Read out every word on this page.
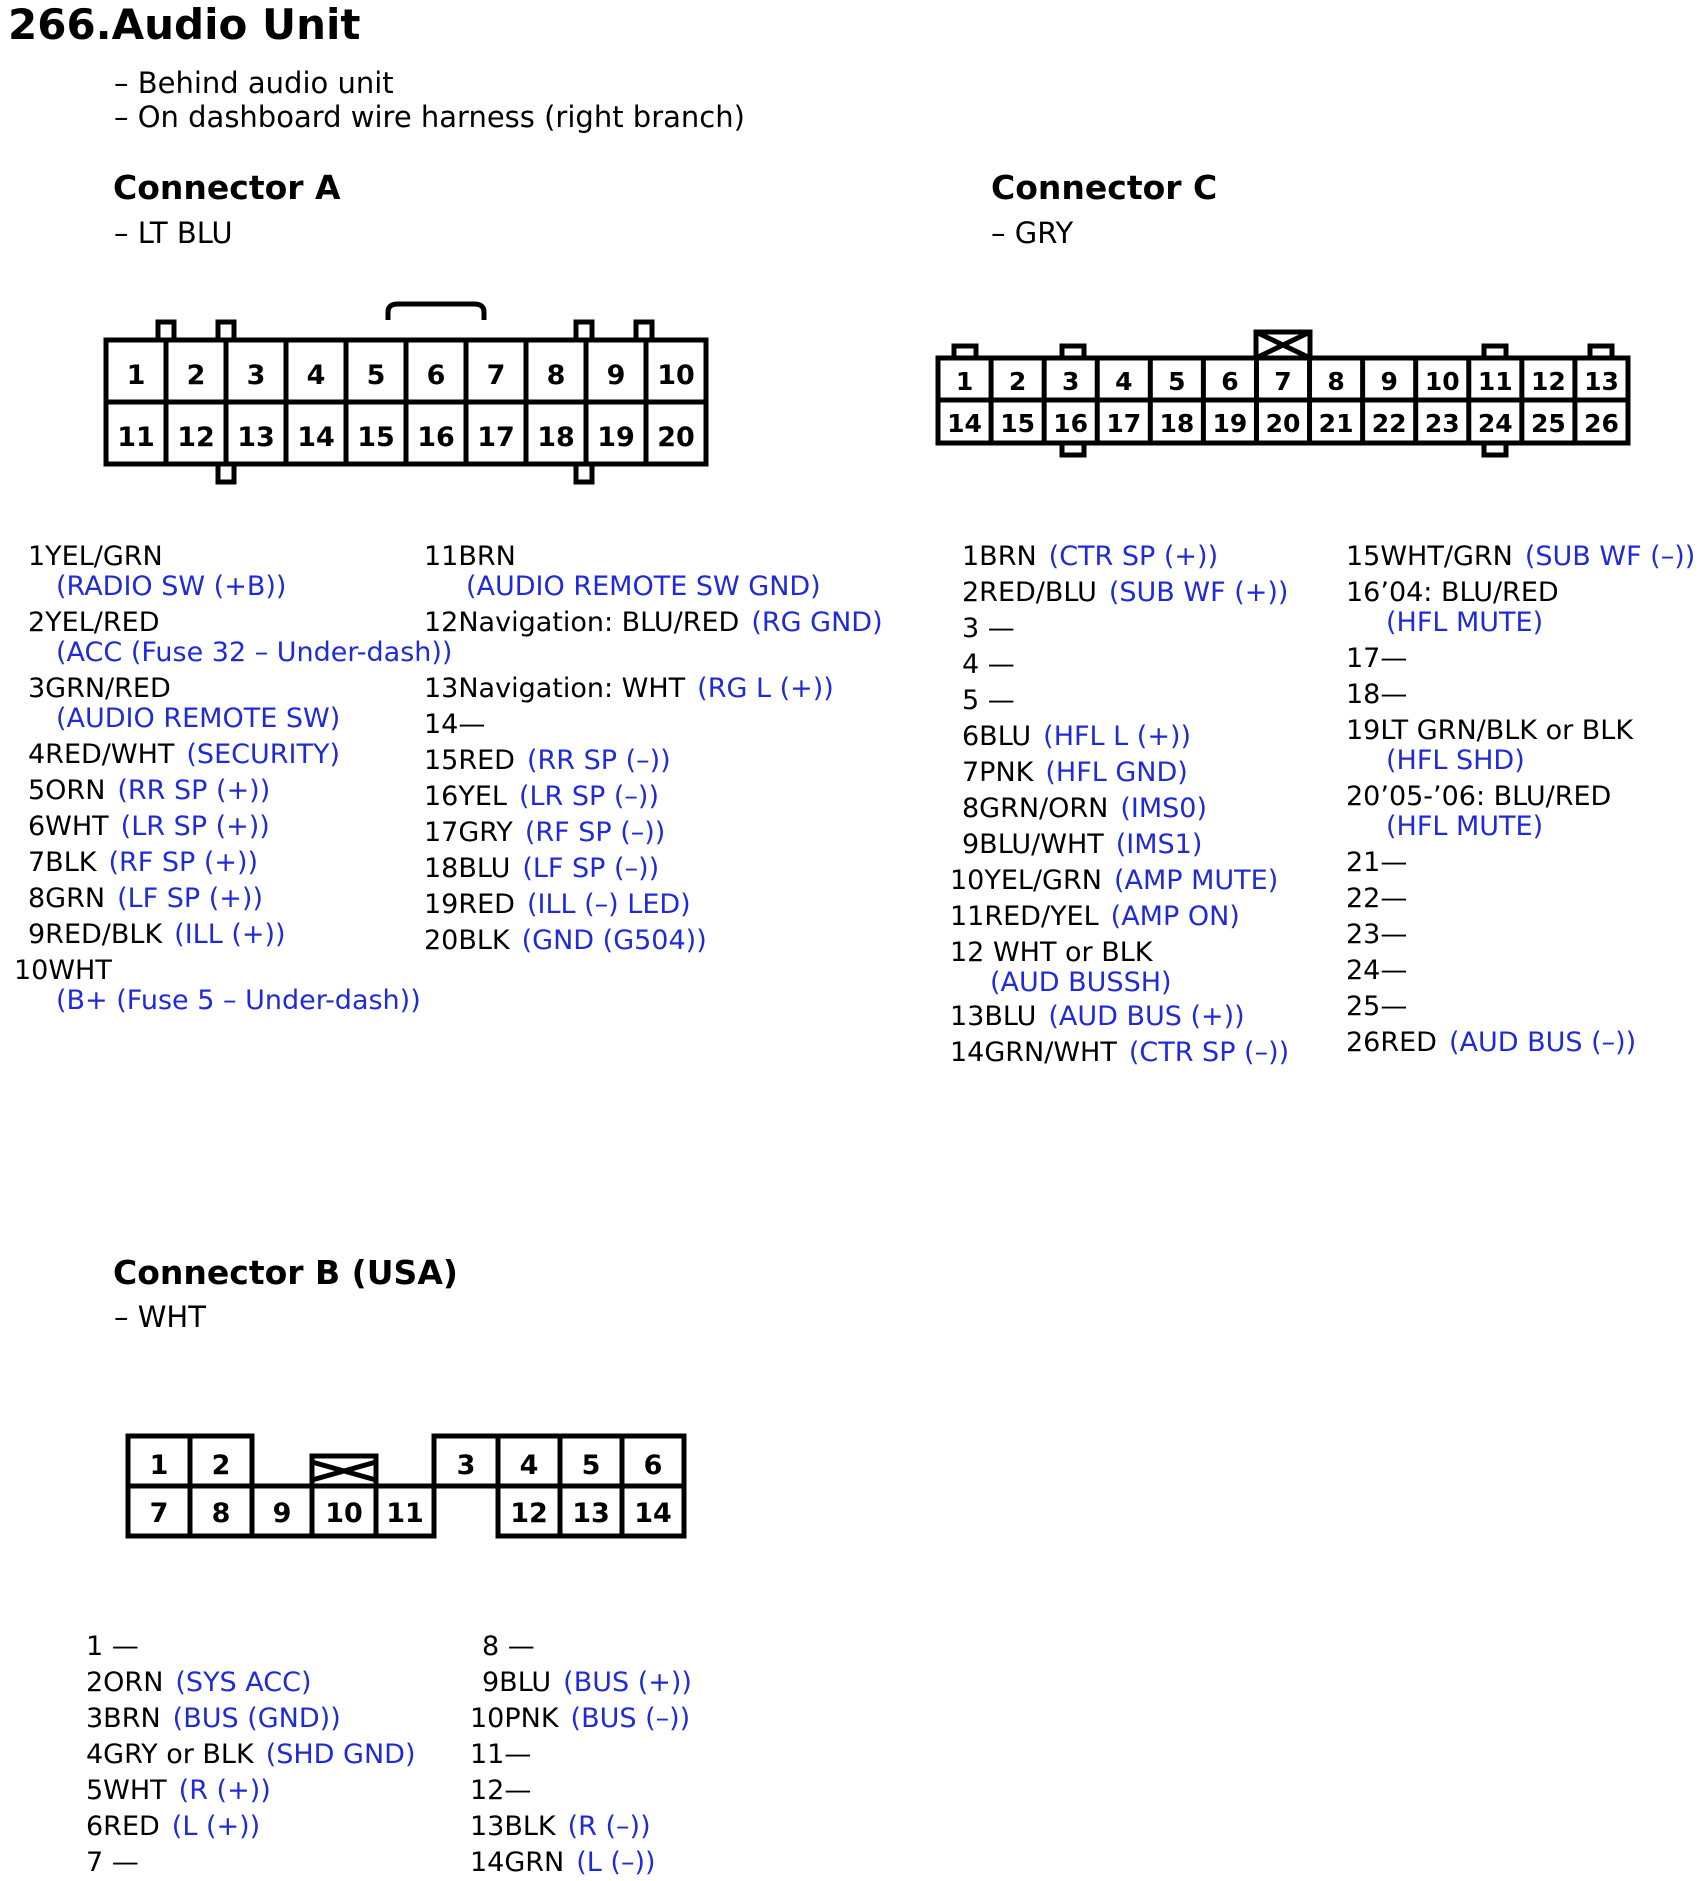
266.Audio Unit
– Behind audio unit
– On dashboard wire harness (right branch)
Connector A
– LT BLU
Connector C
– GRY
Connector B (USA)
– WHT
1 2 3 4 5 6 7 8 9 10
11 12 13 14 15 16 17 18 19 20
1 2 3 4 5 6 7 8 9 10 11 12 13
14 15 16 17 18 19 20 21 22 23 24 25 26
1 2	3 4 5 6
7 8 9 10 11	12 13 14
1YEL/GRN
(RADIO SW (+B))
2YEL/RED
(ACC (Fuse 32 – Under-dash))
3GRN/RED
(AUDIO REMOTE SW)
4RED/WHT (SECURITY)
5ORN (RR SP (+))
6WHT (LR SP (+))
7BLK (RF SP (+))
8GRN (LF SP (+))
9RED/BLK (ILL (+))
10WHT
(B+ (Fuse 5 – Under-dash))
11BRN
(AUDIO REMOTE SW GND)
12Navigation: BLU/RED (RG GND)
13Navigation: WHT (RG L (+))
14—
15RED (RR SP (–))
16YEL (LR SP (–))
17GRY (RF SP (–))
18BLU (LF SP (–))
19RED (ILL (–) LED)
20BLK (GND (G504))
1BRN (CTR SP (+))
2RED/BLU (SUB WF (+))
3 —
4 —
5 —
6BLU (HFL L (+))
7PNK (HFL GND)
8GRN/ORN (IMS0)
9BLU/WHT (IMS1)
10YEL/GRN (AMP MUTE)
11RED/YEL (AMP ON)
12 WHT or BLK
(AUD BUSSH)
13BLU (AUD BUS (+))
14GRN/WHT (CTR SP (–))
15WHT/GRN (SUB WF (–))
16’04: BLU/RED
(HFL MUTE)
17—
18—
19LT GRN/BLK or BLK
(HFL SHD)
20’05-’06: BLU/RED
(HFL MUTE)
21—
22—
23—
24—
25—
26RED (AUD BUS (–))
1 —
2ORN (SYS ACC)
3BRN (BUS (GND))
4GRY or BLK (SHD GND)
5WHT (R (+))
6RED (L (+))
7 —
8 —
9BLU (BUS (+))
10PNK (BUS (–))
11—
12—
13BLK (R (–))
14GRN (L (–))
